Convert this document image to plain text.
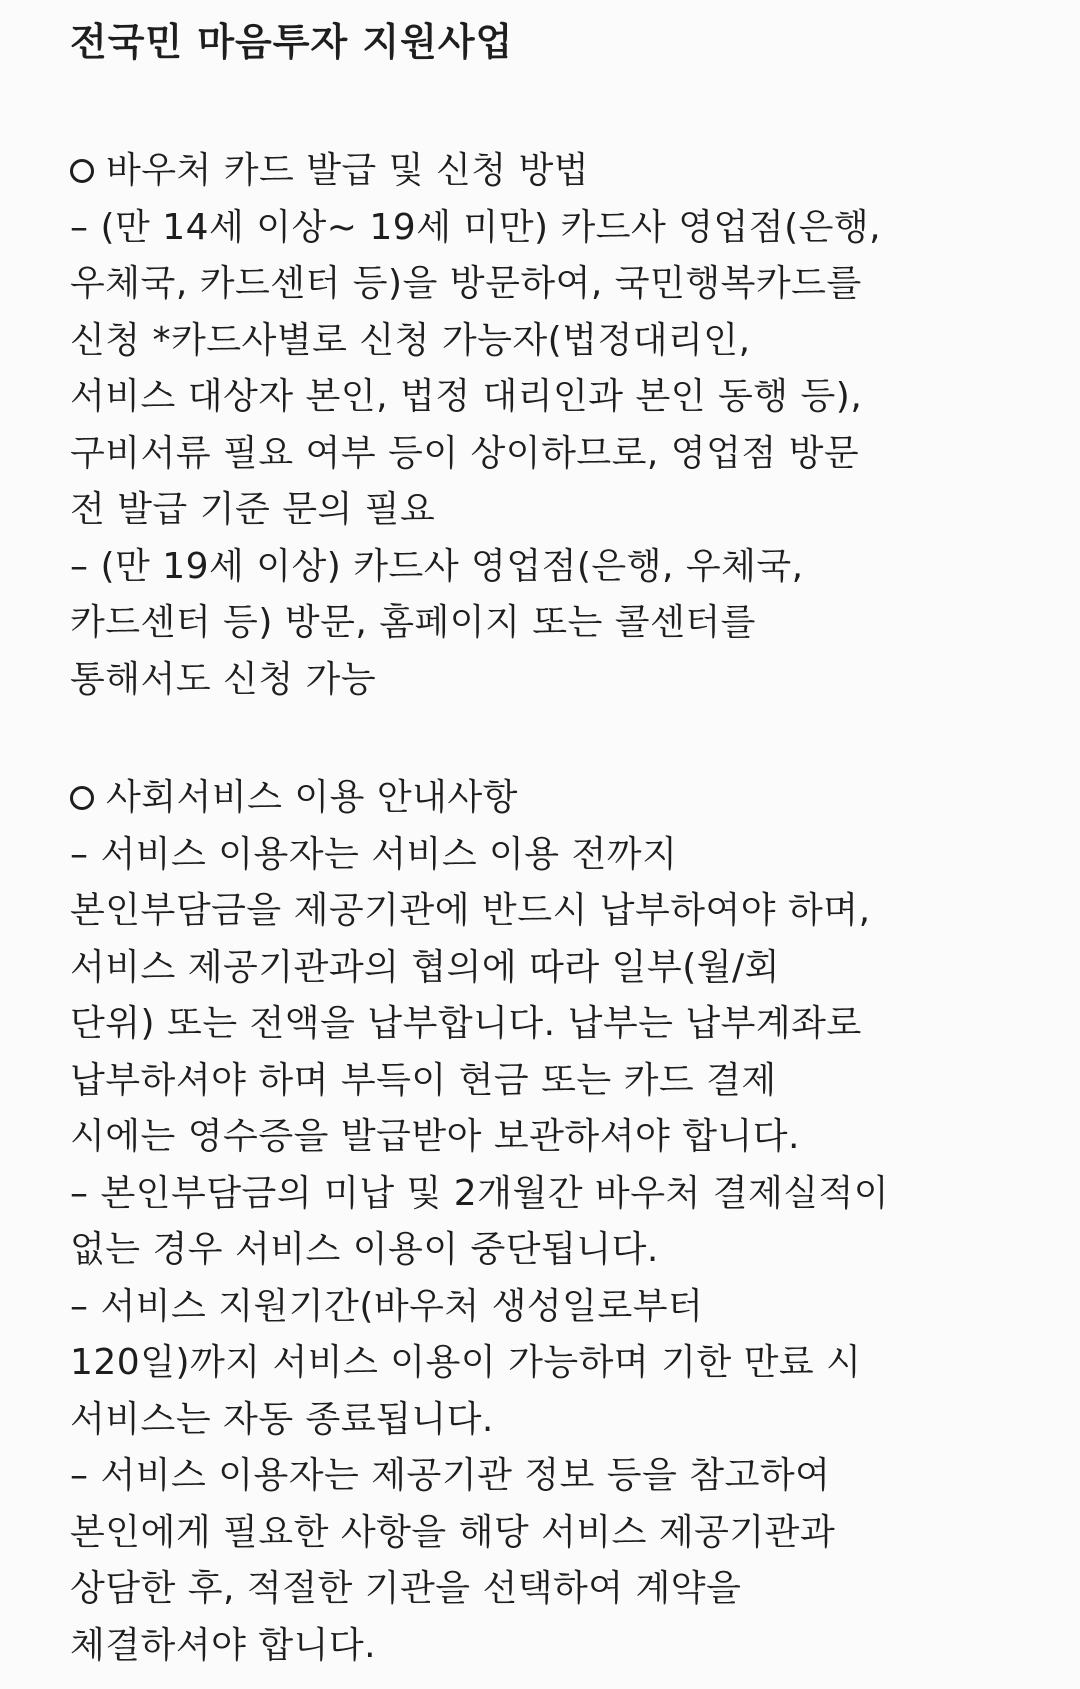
전국민 마음투자 지원사업
바우처 카드 발급 및 신청 방법
– (만 14세 이상~ 19세 미만) 카드사 영업점(은행,
우체국, 카드센터 등)을 방문하여, 국민행복카드를
신청 *카드사별로 신청 가능자(법정대리인,
서비스 대상자 본인, 법정 대리인과 본인 동행 등),
구비서류 필요 여부 등이 상이하므로, 영업점 방문
전 발급 기준 문의 필요
– (만 19세 이상) 카드사 영업점(은행, 우체국,
카드센터 등) 방문, 홈페이지 또는 콜센터를
통해서도 신청 가능
사회서비스 이용 안내사항
– 서비스 이용자는 서비스 이용 전까지
본인부담금을 제공기관에 반드시 납부하여야 하며,
서비스 제공기관과의 협의에 따라 일부(월/회
단위) 또는 전액을 납부합니다. 납부는 납부계좌로
납부하셔야 하며 부득이 현금 또는 카드 결제
시에는 영수증을 발급받아 보관하셔야 합니다.
– 본인부담금의 미납 및 2개월간 바우처 결제실적이
없는 경우 서비스 이용이 중단됩니다.
– 서비스 지원기간(바우처 생성일로부터
120일)까지 서비스 이용이 가능하며 기한 만료 시
서비스는 자동 종료됩니다.
– 서비스 이용자는 제공기관 정보 등을 참고하여
본인에게 필요한 사항을 해당 서비스 제공기관과
상담한 후, 적절한 기관을 선택하여 계약을
체결하셔야 합니다.
